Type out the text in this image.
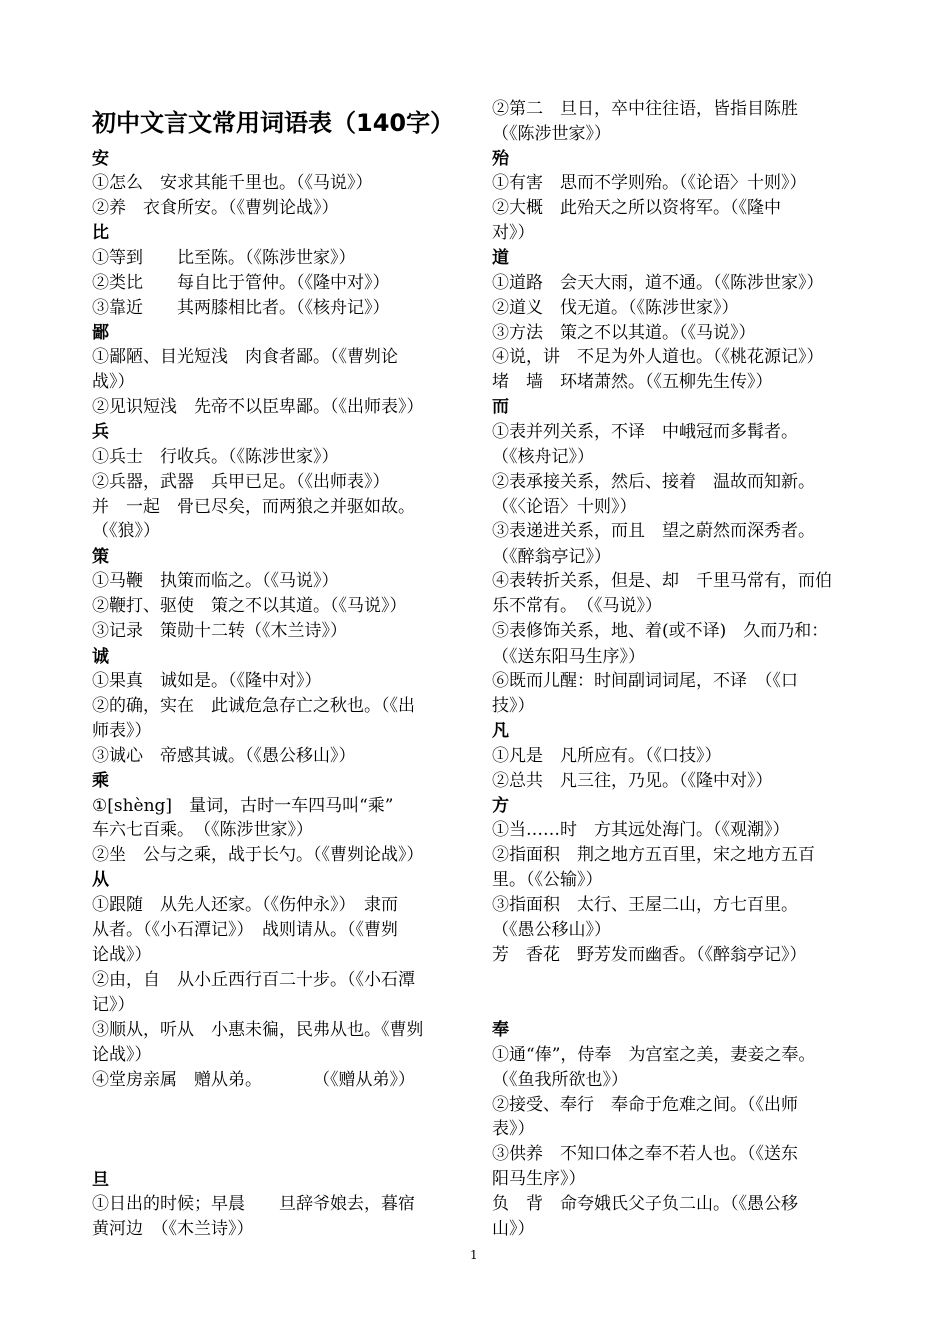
初中文言文常用词语表（140字）
安
①怎么　安求其能千里也。（《马说》）
②养　衣食所安。（《曹刿论战》）
比
①等到　　比至陈。（《陈涉世家》）
②类比　　每自比于管仲。（《隆中对》）
③靠近　　其两膝相比者。（《核舟记》）
鄙
①鄙陋、目光短浅　肉食者鄙。（《曹刿论
战》）
②见识短浅　先帝不以臣卑鄙。（《出师表》）
兵
①兵士　行收兵。（《陈涉世家》）
②兵器，武器　兵甲已足。（《出师表》）
并　一起　骨已尽矣，而两狼之并驱如故。
（《狼》）
策
①马鞭　执策而临之。（《马说》）
②鞭打、驱使　策之不以其道。（《马说》）
③记录　策勋十二转（《木兰诗》）
诚
①果真　诚如是。（《隆中对》）
②的确，实在　此诚危急存亡之秋也。（《出
师表》）
③诚心　帝感其诚。（《愚公移山》）
乘
①[shèng]　量词，古时一车四马叫“乘”
车六七百乘。　（《陈涉世家》）
②坐　公与之乘，战于长勺。（《曹刿论战》）
从
①跟随　从先人还家。（《伤仲永》）　隶而
从者。（《小石潭记》）　战则请从。（《曹刿
论战》）
②由，自　从小丘西行百二十步。（《小石潭
记》）
③顺从，听从　小惠未徧，民弗从也。《曹刿
论战》）
④堂房亲属　赠从弟。　　　　（《赠从弟》）
旦
①日出的时候；早晨　　旦辞爷娘去，暮宿
黄河边　（《木兰诗》）
②第二　旦日，卒中往往语，皆指目陈胜
（《陈涉世家》）
殆
①有害　思而不学则殆。（《论语〉十则》）
②大概　此殆天之所以资将军。（《隆中
对》）
道
①道路　会天大雨，道不通。（《陈涉世家》）
②道义　伐无道。（《陈涉世家》）
③方法　策之不以其道。（《马说》）
④说，讲　不足为外人道也。（《桃花源记》）
堵　墙　环堵萧然。（《五柳先生传》）
而
①表并列关系，不译　中峨冠而多髯者。
（《核舟记》）
②表承接关系，然后、接着　温故而知新。
（《〈论语〉十则》）
③表递进关系，而且　望之蔚然而深秀者。
（《醉翁亭记》）
④表转折关系，但是、却　千里马常有，而伯
乐不常有。　（《马说》）
⑤表修饰关系，地、着(或不译)　久而乃和：
（《送东阳马生序》）
⑥既而儿醒：时间副词词尾，不译　（《口
技》）
凡
①凡是　凡所应有。（《口技》）
②总共　凡三往，乃见。（《隆中对》）
方
①当……时　方其远处海门。（《观潮》）
②指面积　荆之地方五百里，宋之地方五百
里。（《公输》）
③指面积　太行、王屋二山，方七百里。
（《愚公移山》）
芳　香花　野芳发而幽香。（《醉翁亭记》）
奉
①通“俸”，侍奉　为宫室之美，妻妾之奉。
（《鱼我所欲也》）
②接受、奉行　奉命于危难之间。（《出师
表》）
③供养　不知口体之奉不若人也。（《送东
阳马生序》）
负　背　命夸娥氏父子负二山。（《愚公移
山》）
1
